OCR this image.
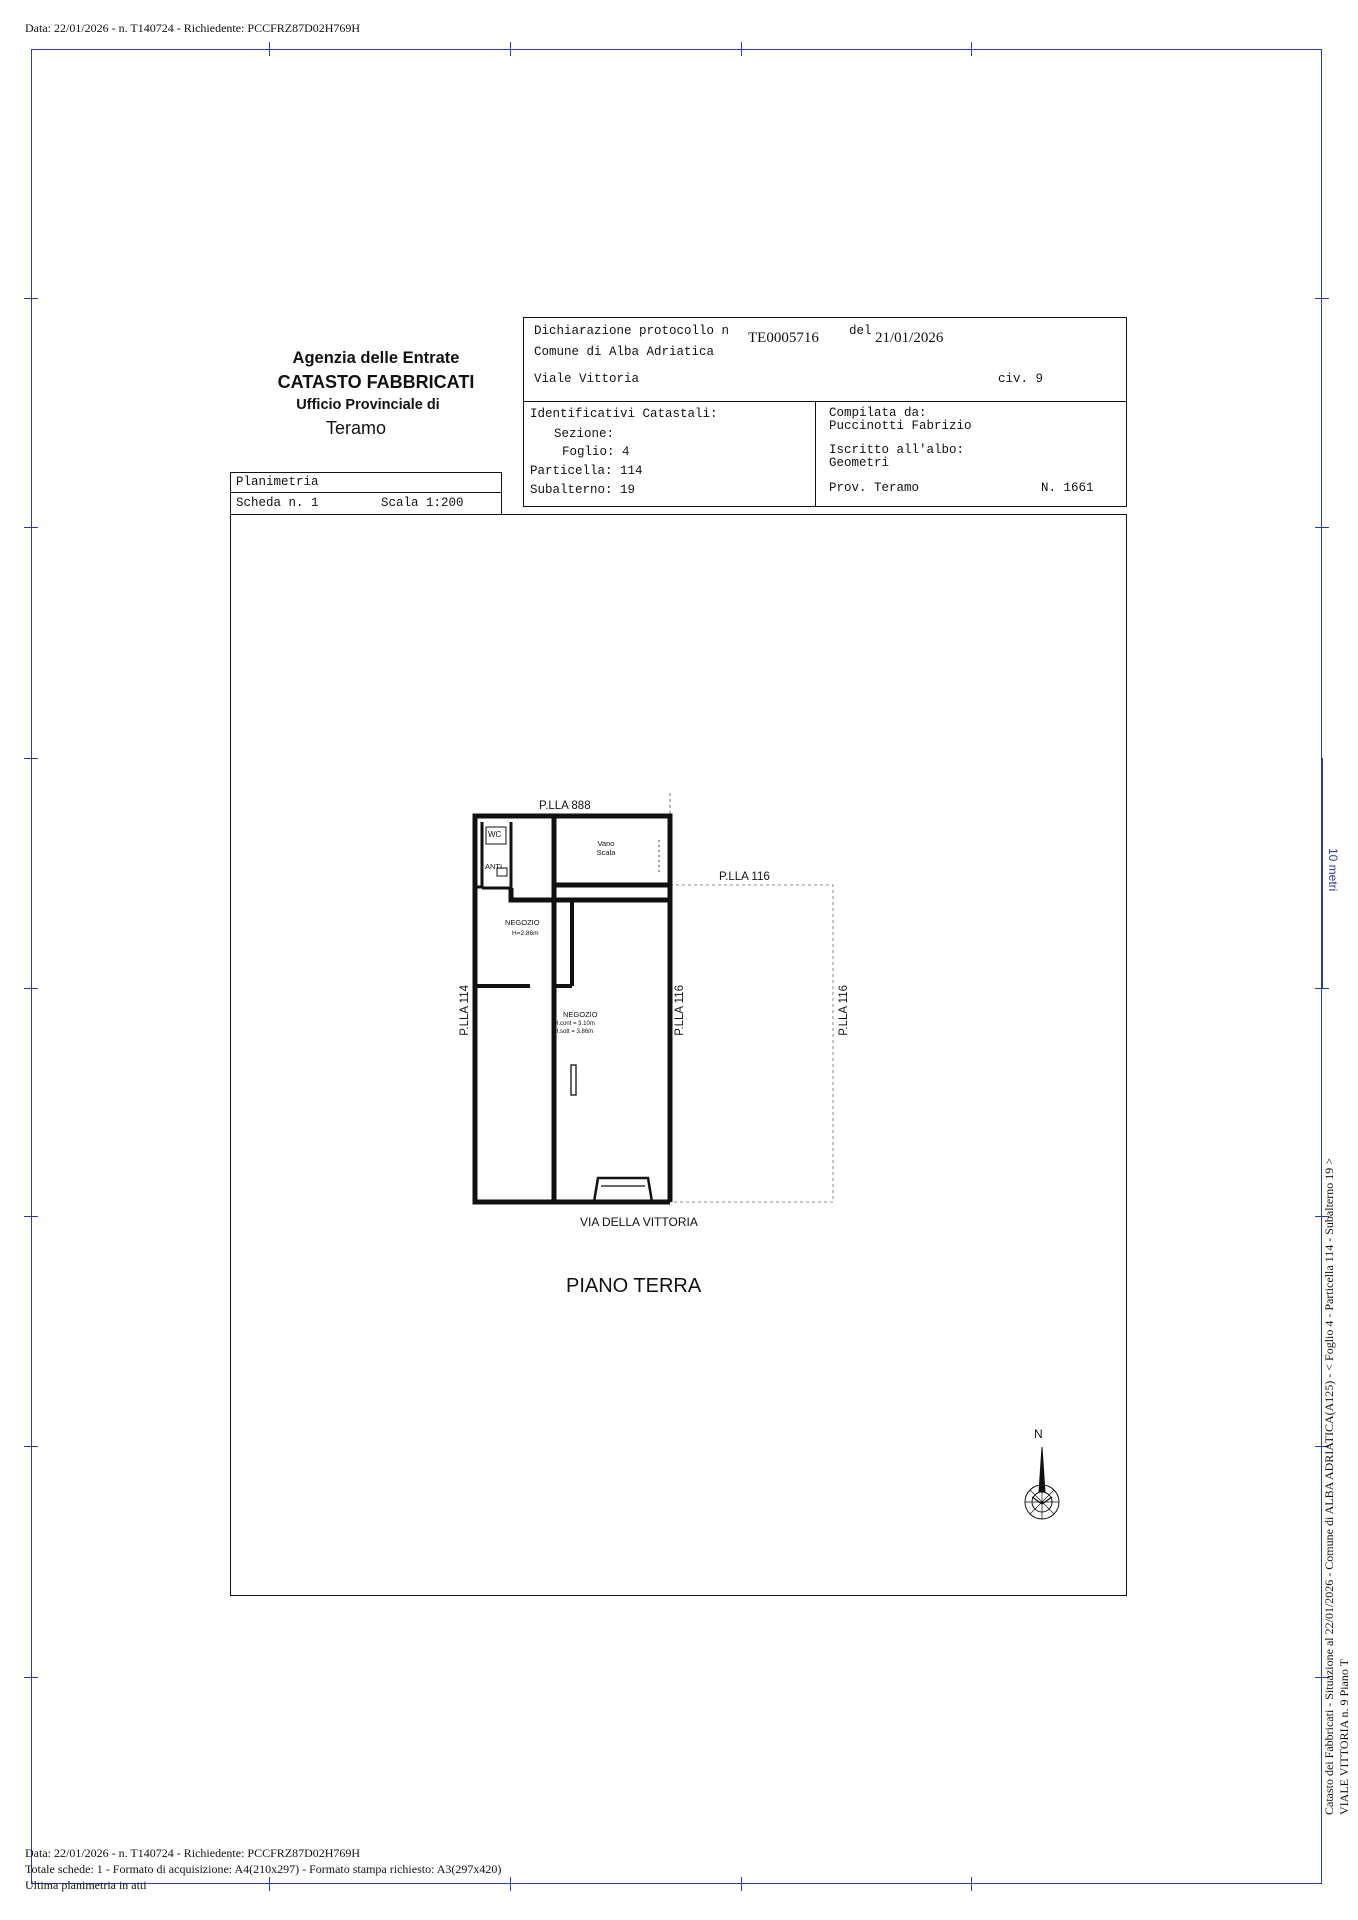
Data: 22/01/2026 - n. T140724 - Richiedente: PCCFRZ87D02H769H
10 metri
Agenzia delle Entrate
CATASTO FABBRICATI
Ufficio Provinciale di
Teramo
Dichiarazione protocollo n TE0005716 del 21/01/2026
Comune di Alba Adriatica
Viale Vittoria	civ. 9
Identificativi Catastali:
Sezione:
Foglio: 4
Particella: 114
Subalterno: 19
Compilata da:
Puccinotti Fabrizio
Iscritto all'albo:
Geometri
Prov. Teramo	N. 1661
Planimetria
Scheda n. 1	Scala 1:200
P.LLA 888
Vano Scala
WC
ANTI
NEGOZIO
H=2.86m
NEGOZIO
H.cont = 3.10m
H.sott = 3.86m
P.LLA 116
P.LLA 114	P.LLA 116	P.LLA 116
VIA DELLA VITTORIA
PIANO TERRA
N	Catasto dei Fabbricati - Situazione al 22/01/2026 - Comune di ALBA ADRIATICA(A125) - < Foglio 4 - Particella 114 - Subalterno 19 > VIALE VITTORIA n. 9 Piano T
Data: 22/01/2026 - n. T140724 - Richiedente: PCCFRZ87D02H769H
Totale schede: 1 - Formato di acquisizione: A4(210x297) - Formato stampa richiesto: A3(297x420)
Ultima planimetria in atti
